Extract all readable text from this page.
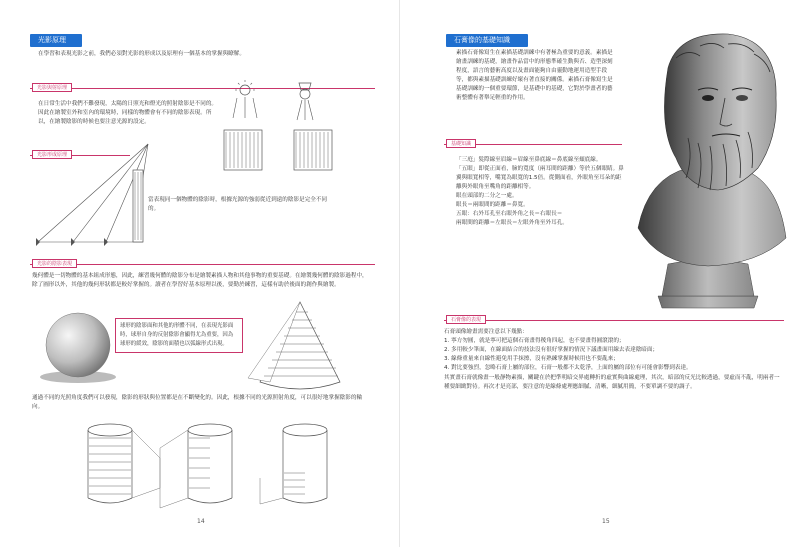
光影原理
在學習和表現光影之前，我們必須對光影的形成以及原理有一個基本的掌握與瞭解。
光影與射原理
在日常生活中我們不難發現，太陽的日照光和燈光的照射陰影是不同的。因此在繪製室外和室內的環境時，同樣的物體會有不同的陰影表現。所以，在繪製陰影的時候也要注意光源的設定。
光影形成原理
當表現同一個物體的陰影時，根據光源的強弱從近到遠的陰影是完全不同的。
光影的陰影表現
幾何體是一切物體的基本組成形態，因此，練習幾何體的陰影分布是繪製素描人物和其他事物的重要基礎。在繪製幾何體的陰影過程中，除了圓形以外，其他的幾何形狀都是較好掌握的。讀者在學習好基本原理以後，要勤於練習，這樣有助於後面的創作與繪製。
球形的陰影面和其他的形體不同，在表現光影面時，球形自身的反射陰影會顯得尤為重要，因為球形的緩效，陰影的面積也以弧線形式出現。
通過不同的光照角度我們可以發現，陰影的形狀與位置都是在不斷變化的。因此，根據不同的光源照射角度，可以很好地掌握陰影的輪向。
14
石膏像的基礎知識
素描石膏像寫生在素描基礎訓練中有著極為重要的意義。素描是繪畫訓練的基礎，繪畫作品當中的形態準確生動與否、造型深刻程度，語言的藝術高度以及畫面能夠自由靈動地運用造型手段等，都與素描基礎訓練好壞有著直接的關係。素描石膏像寫生是基礎訓練的一個重要環節，是基礎中的基礎，它對於學畫者的藝術整體有著舉足輕重的作用。
基礎知識
「三庭」髮際線至眉線＝眉線至鼻底線＝鼻底線至頦底線。
「五眼」即從正面看，臉的寬度（兩耳間的距離）等於五個眼睛。鼻翼與眼寬相等，嘴寬為眼寬的1.5倍。從側面看，外眼角至耳朵的距離與外眼角至嘴角的距離相等。
眼在頭部的二分之一處。
眼長＝兩眼間的距離＝鼻寬。
五眼：右外耳孔至右眼外角之長＝右眼長＝
兩眼間的距離＝左眼長＝左眼外角至外耳孔。
石膏像的表現
石膏頭像繪畫需要注意以下幾點：
1. 寧方勿圓，就是寧可把這個石膏畫得稜角四起，也不要畫得圓滾滾的；
2. 多用較少筆面，在線面結合的技法沒有很好掌握的情況下議畫面用線去表達陰暗面；
3. 線條重量來自線性避免用手抹擦，沒有熟練掌握時候用也不要亂來；
4. 對比要強烈，忽略石膏上屬的部位，石膏一般都不太乾淨，上面的屬的部位有可能會影響到表達。
其實畫石膏就像畫一般靜物素描，關鍵在於把準明暗交界處轉折的虛實與曲線處理，其次，暗部的反光比較透過，要虛而不亂，明兩者一種要細緻對待。再次才是亮部，要注意的是線條處理應細膩、清晰，細膩用簡，不要單調不要的調子。
15
